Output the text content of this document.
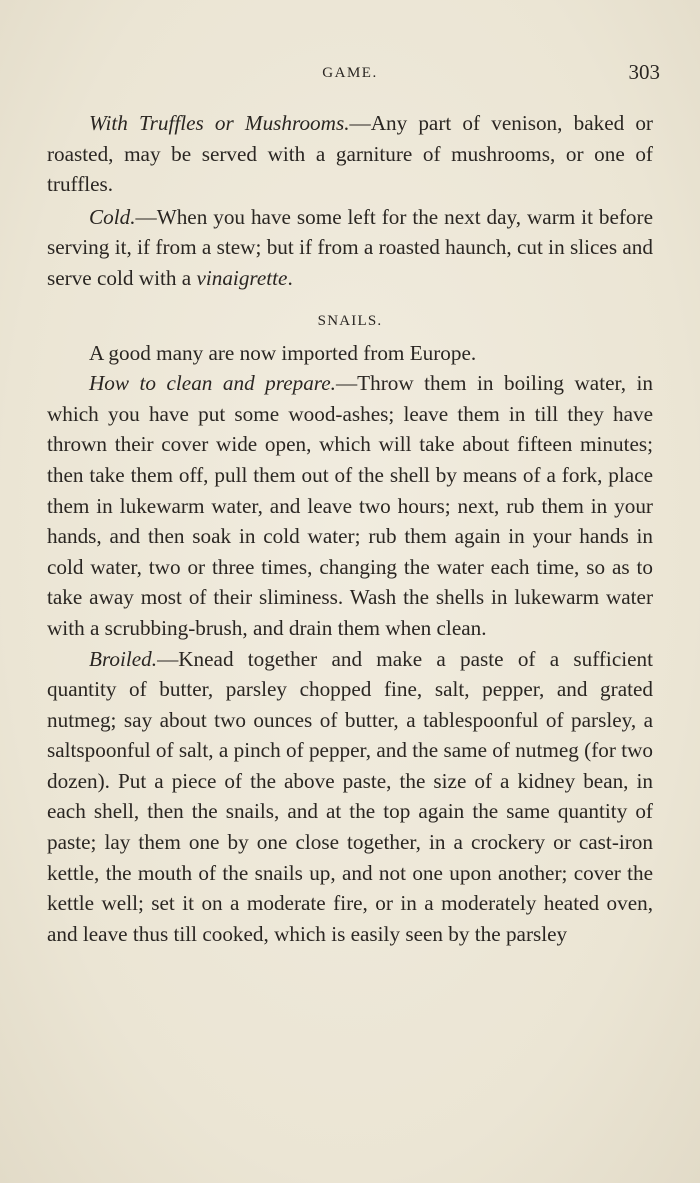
GAME.	303

With Truffles or Mushrooms.—Any part of venison, baked or roasted, may be served with a garniture of mushrooms, or one of truffles.

Cold.—When you have some left for the next day, warm it before serving it, if from a stew; but if from a roasted haunch, cut in slices and serve cold with a vinaigrette.

SNAILS.

A good many are now imported from Europe.

How to clean and prepare.—Throw them in boiling water, in which you have put some wood-ashes; leave them in till they have thrown their cover wide open, which will take about fifteen minutes; then take them off, pull them out of the shell by means of a fork, place them in lukewarm water, and leave two hours; next, rub them in your hands, and then soak in cold water; rub them again in your hands in cold water, two or three times, changing the water each time, so as to take away most of their sliminess. Wash the shells in lukewarm water with a scrubbing-brush, and drain them when clean.

Broiled.—Knead together and make a paste of a sufficient quantity of butter, parsley chopped fine, salt, pepper, and grated nutmeg; say about two ounces of butter, a tablespoonful of parsley, a saltspoonful of salt, a pinch of pepper, and the same of nutmeg (for two dozen). Put a piece of the above paste, the size of a kidney bean, in each shell, then the snails, and at the top again the same quantity of paste; lay them one by one close together, in a crockery or cast-iron kettle, the mouth of the snails up, and not one upon another; cover the kettle well; set it on a moderate fire, or in a moderately heated oven, and leave thus till cooked, which is easily seen by the parsley
